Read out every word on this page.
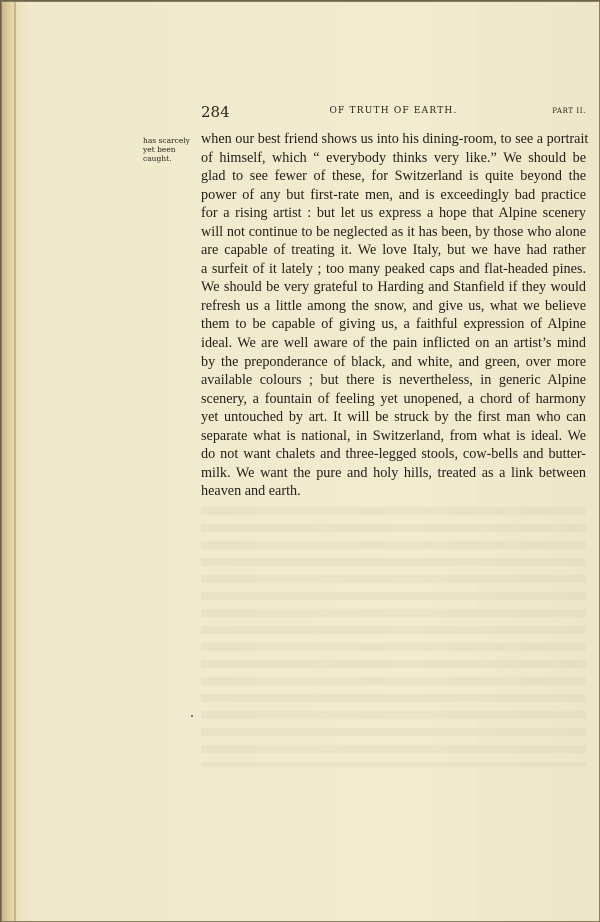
284	OF TRUTH OF EARTH.	PART II.
has scarcely
yet been
caught.
when our best friend shows us into his dining-room, to see a portrait
of himself, which “ everybody thinks very like.” We should be
glad to see fewer of these, for Switzerland is quite beyond the
power of any but first-rate men, and is exceedingly bad practice
for a rising artist : but let us express a hope that Alpine scenery
will not continue to be neglected as it has been, by those who alone
are capable of treating it. We love Italy, but we have had rather
a surfeit of it lately ; too many peaked caps and flat-headed pines.
We should be very grateful to Harding and Stanfield if they would
refresh us a little among the snow, and give us, what we believe
them to be capable of giving us, a faithful expression of Alpine
ideal. We are well aware of the pain inflicted on an artist’s mind
by the preponderance of black, and white, and green, over more
available colours ; but there is nevertheless, in generic Alpine
scenery, a fountain of feeling yet unopened, a chord of harmony
yet untouched by art. It will be struck by the first man who can
separate what is national, in Switzerland, from what is ideal. We
do not want chalets and three-legged stools, cow-bells and butter-
milk. We want the pure and holy hills, treated as a link between
heaven and earth.
